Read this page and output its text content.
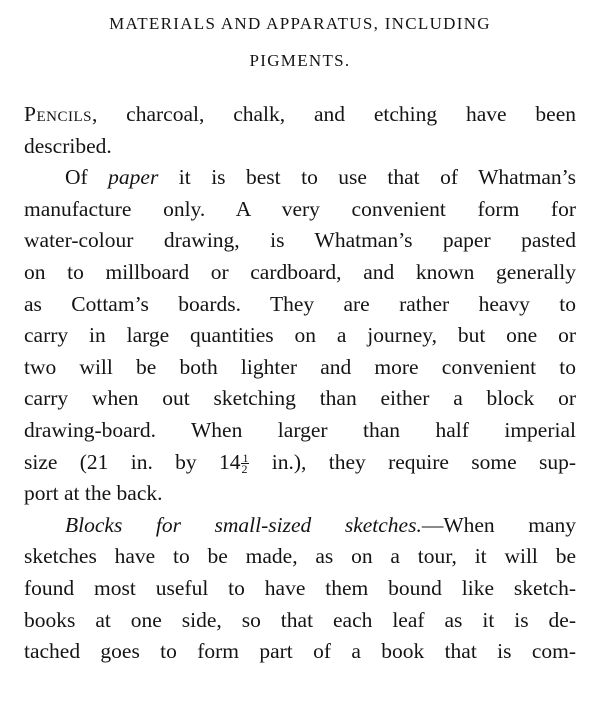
MATERIALS AND APPARATUS, INCLUDING
PIGMENTS.
Pencils, charcoal, chalk, and etching have been
described.
Of paper it is best to use that of Whatman’s
manufacture only. A very convenient form for
water-colour drawing, is Whatman’s paper pasted
on to millboard or cardboard, and known generally
as Cottam’s boards. They are rather heavy to
carry in large quantities on a journey, but one or
two will be both lighter and more convenient to
carry when out sketching than either a block or
drawing-board. When larger than half imperial
size (21 in. by $14 \frac{1}{2} in$.), they require some sup-
port at the back.
Blocks for small-sized sketches.—When many
sketches have to be made, as on a tour, it will be
found most useful to have them bound like sketch-
books at one side, so that each leaf as it is de-
tached goes to form part of a book that is com-
